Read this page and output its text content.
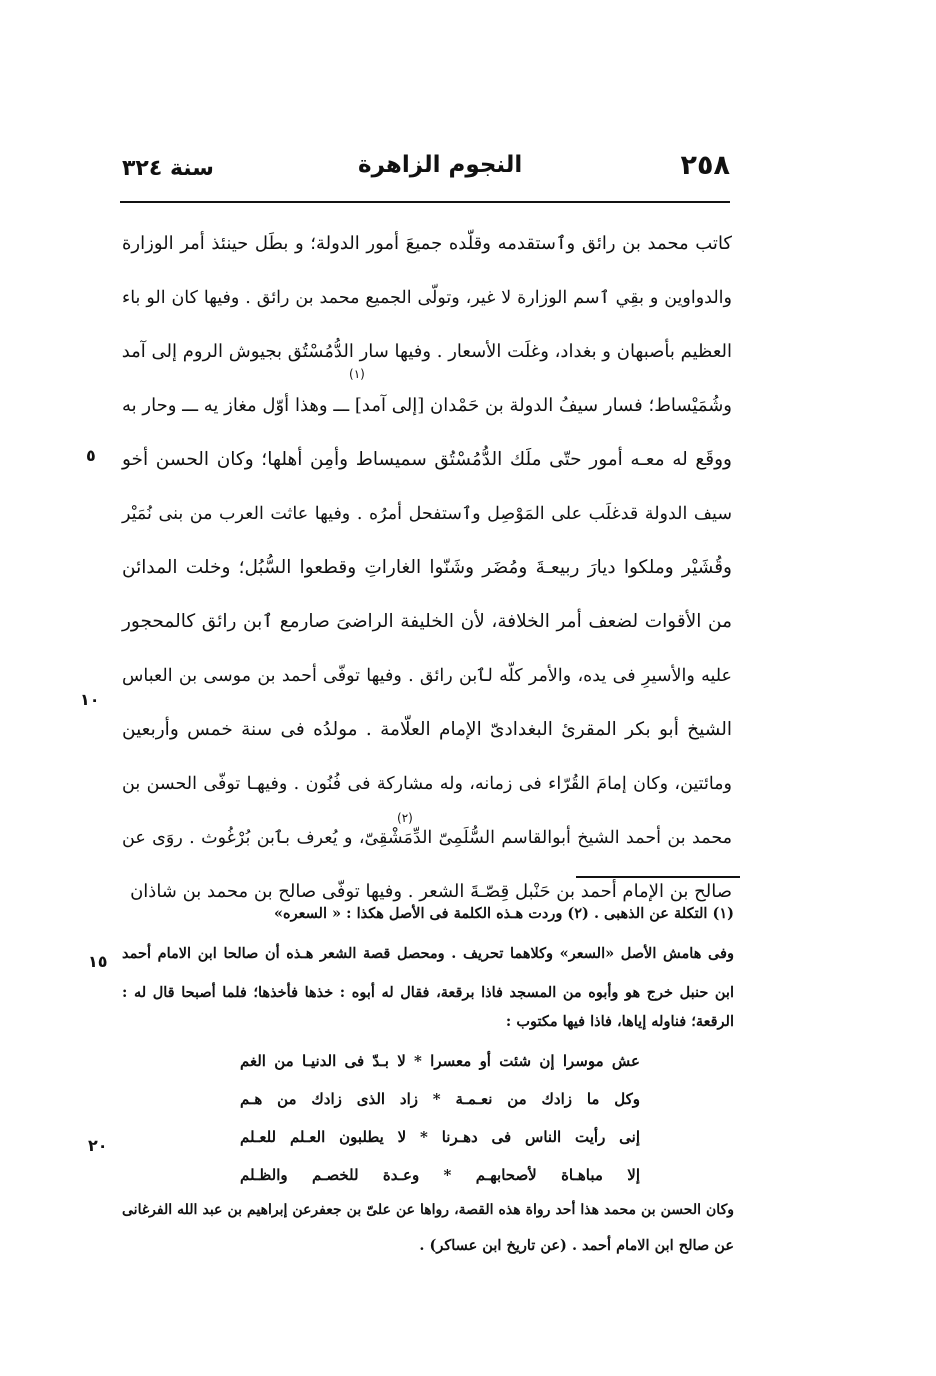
٢٥٨
النجوم الزاهرة
سنة ٣٢٤
كاتب محمد بن رائق وٱستقدمه وقلّده جميعَ أمور الدولة؛ و بطَل حينئذ أمر الوزارة
والدواوين و بقِي ٱسم الوزارة لا غير، وتولّى الجميع محمد بن رائق . وفيها كان الو باء
العظيم بأصبهان و بغداد، وغلَت الأسعار . وفيها سار الدُّمُسْتُق بجيوش الروم إلى آمد
(١)
وشُمَيْساط؛ فسار سيفُ الدولة بن حَمْدان [إلى آمد] ـــ وهذا أوّل مغاز يه ـــ وحار به
ووقَع له معـه أمور حتّى ملَك الدُّمُسْتُق سميساط وأمِن أهلها؛ وكان الحسن أخو
سيف الدولة قدغلَب على المَوْصِل وٱستفحل أمرُه . وفيها عاثت العرب من بنى نُمَيْر
وقُشَيْر وملكوا ديارَ ربيعـةَ ومُضَر وشَنّوا الغاراتِ وقطعوا السُّبُل؛ وخلت المدائن
من الأقوات لضعف أمر الخلافة، لأن الخليفة الراضىَ صارمع ٱبن رائق كالمحجور
عليه والأسيرِ فى يده، والأمر كلّه لٱبن رائق . وفيها توفّى أحمد بن موسى بن العباس
الشيخ أبو بكر المقرئ البغدادىّ الإمام العلّامة . مولدُه فى سنة خمس وأربعين
ومائتين، وكان إمامَ القُرّاء فى زمانه، وله مشاركة فى فُنُون . وفيهـا توفّى الحسن بن
محمد بن أحمد الشيخ أبوالقاسم السُّلَمِىّ الدِّمَشْقِىّ، و يُعرف بٱبن بُرْغُوث . روَى عن
(٢)
صالح بن الإمام أحمد بن حَنْبل قِصّـةَ الشعر . وفيها توفّى صالح بن محمد بن شاذان
٥
١٠
١٥
٢٠
(١) التكلة عن الذهبى . (٢) وردت هـذه الكلمة فى الأصل هكذا : « السعره»
وفى هامش الأصل «السعر» وكلاهما تحريف . ومحصل قصة الشعر هـذه أن صالحا ابن الامام أحمد
ابن حنبل خرج هو وأبوه من المسجد فاذا برقعة، فقال له أبوه : خذها فأخذها؛ فلما أصبحا قال له :
الرقعة؛ فناوله إياها، فاذا فيها مكتوب :
عش موسرا إن شئت أو معسرا * لا بـدّ فى الدنيـا من الغم
وكل ما زادك من نعـمـة * زاد الذى زادك من هـم
إنى رأيت الناس فى دهـرنا * لا يطلبون العـلم للعـلم
إلا مباهـاة لأصحابهـم * وعـدة للخصـم والظـلم
وكان الحسن بن محمد هذا أحد رواة هذه القصة، رواها عن علىّ بن جعفرعن إبراهيم بن عبد الله الفرغانى
عن صالح ابن الامام أحمد . (عن تاريخ ابن عساكر) .
